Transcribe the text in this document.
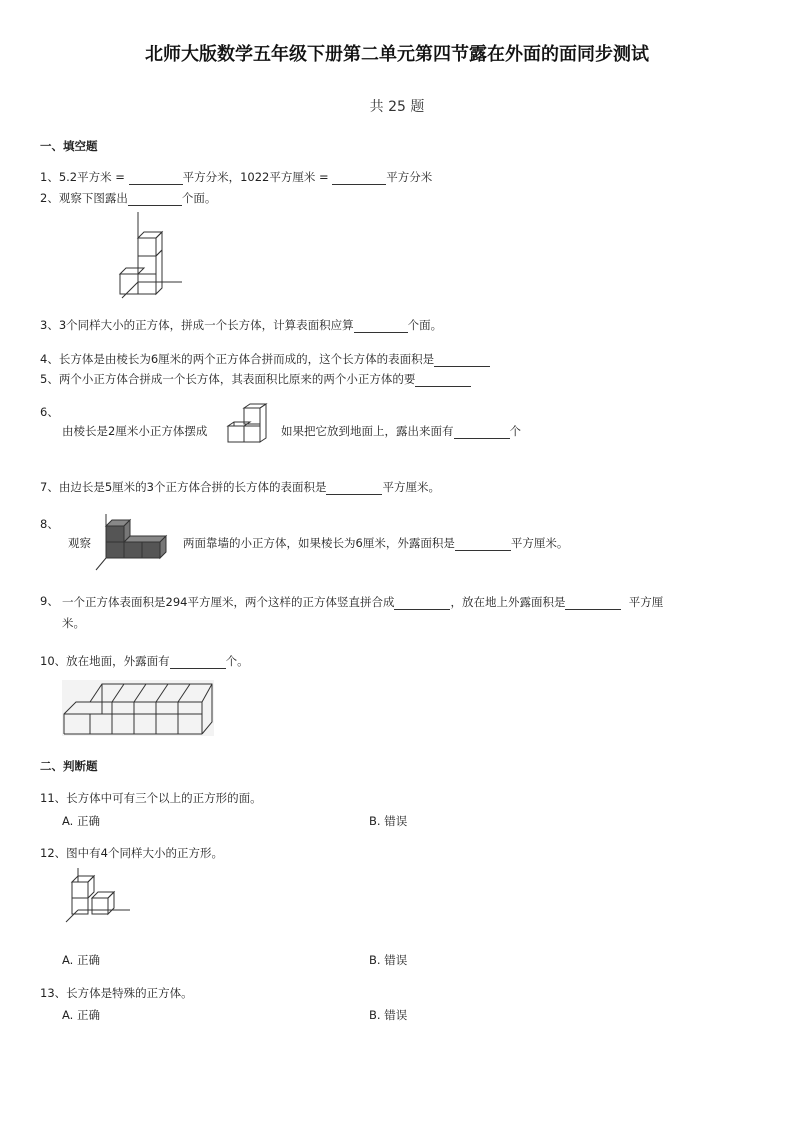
北师大版数学五年级下册第二单元第四节露在外面的面同步测试
共 25 题
一、填空题
1、5.2平方米 =	平方分米，1022平方厘米 =	平方分米
2、观察下图露出	个面。
3、3个同样大小的正方体，拼成一个长方体，计算表面积应算	个面。
4、长方体是由棱长为6厘米的两个正方体合拼而成的，这个长方体的表面积是
5、两个小正方体合拼成一个长方体，其表面积比原来的两个小正方体的要
6、
由棱长是2厘米小正方体摆成	如果把它放到地面上，露出来面有	个
7、由边长是5厘米的3个正方体合拼的长方体的表面积是	平方厘米。
8、
观察	两面靠墙的小正方体，如果棱长为6厘米，外露面积是	平方厘米。
9、 一个正方体表面积是294平方厘米，两个这样的正方体竖直拼合成	，放在地上外露面积是	平方厘
米。
10、放在地面，外露面有	个。
二、判断题
11、长方体中可有三个以上的正方形的面。
A. 正确	B. 错误
12、图中有4个同样大小的正方形。
A. 正确	B. 错误
13、长方体是特殊的正方体。
A. 正确	B. 错误
